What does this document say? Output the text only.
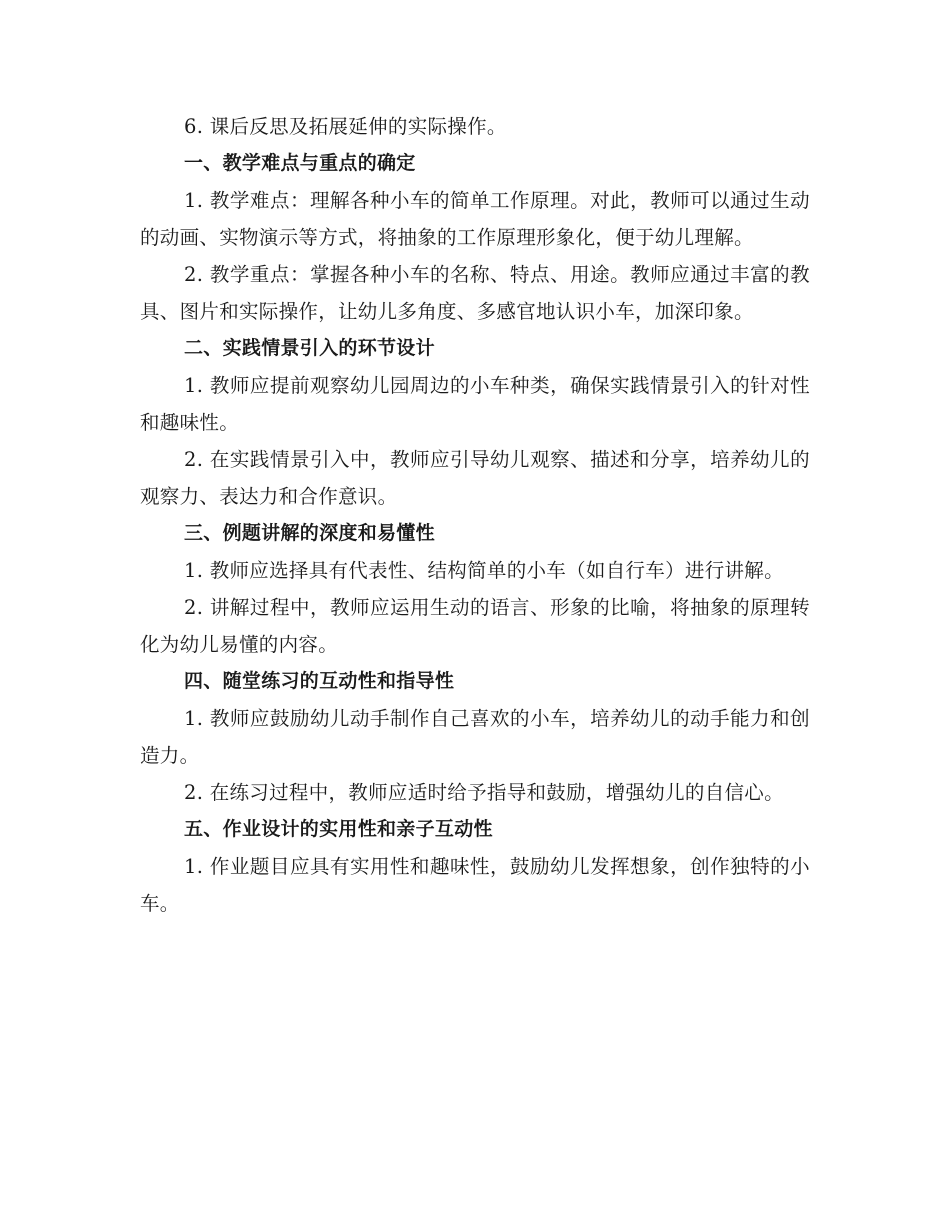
6. 课后反思及拓展延伸的实际操作。

一、教学难点与重点的确定

1. 教学难点：理解各种小车的简单工作原理。对此，教师可以通过生动的动画、实物演示等方式，将抽象的工作原理形象化，便于幼儿理解。

2. 教学重点：掌握各种小车的名称、特点、用途。教师应通过丰富的教具、图片和实际操作，让幼儿多角度、多感官地认识小车，加深印象。

二、实践情景引入的环节设计

1. 教师应提前观察幼儿园周边的小车种类，确保实践情景引入的针对性和趣味性。

2. 在实践情景引入中，教师应引导幼儿观察、描述和分享，培养幼儿的观察力、表达力和合作意识。

三、例题讲解的深度和易懂性

1. 教师应选择具有代表性、结构简单的小车（如自行车）进行讲解。

2. 讲解过程中，教师应运用生动的语言、形象的比喻，将抽象的原理转化为幼儿易懂的内容。

四、随堂练习的互动性和指导性

1. 教师应鼓励幼儿动手制作自己喜欢的小车，培养幼儿的动手能力和创造力。

2. 在练习过程中，教师应适时给予指导和鼓励，增强幼儿的自信心。

五、作业设计的实用性和亲子互动性

1. 作业题目应具有实用性和趣味性，鼓励幼儿发挥想象，创作独特的小车。
